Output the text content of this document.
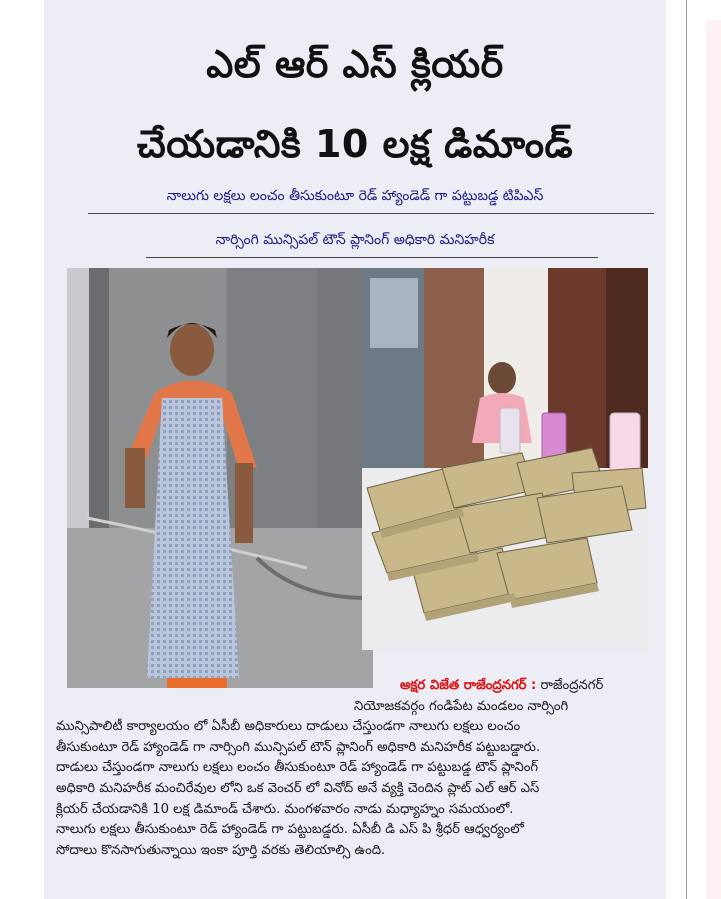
ఎల్ ఆర్ ఎస్ క్లియర్
చేయడానికి 10 లక్ష డిమాండ్
నాలుగు లక్షలు లంచం తీసుకుంటూ రెడ్ హ్యాండెడ్ గా పట్టుబడ్డ టిపిఎస్
నార్సింగి మున్సిపల్ టౌన్ ప్లానింగ్ అధికారి మనిహరీక
అక్షర విజేత రాజేంద్రనగర్ : రాజేంద్రనగర్
నియోజకవర్గం గండిపేట మండలం నార్సింగి
మున్సిపాలిటీ కార్యాలయం లో ఏసీబీ అధికారులు దాడులు చేస్తుండగా నాలుగు లక్షలు లంచం
తీసుకుంటూ రెడ్ హ్యాండెడ్ గా నార్సింగి మున్సిపల్ టౌన్ ప్లానింగ్ అధికారి మనిహరీక పట్టుబడ్డారు.
దాడులు చేస్తుండగా నాలుగు లక్షలు లంచం తీసుకుంటూ రెడ్ హ్యాండెడ్ గా పట్టుబడ్డ టౌన్ ప్లానింగ్
అధికారి మనిహరీక మంచిరేవుల లోని ఒక వెంచర్ లో వినోద్ అనే వ్యక్తి చెందిన ప్లాట్ ఎల్ ఆర్ ఎస్
క్లియర్ చేయడానికి 10 లక్ష డిమాండ్ చేశారు. మంగళవారం నాడు మధ్యాహ్నం సమయంలో.
నాలుగు లక్షలు తీసుకుంటూ రెడ్ హ్యాండెడ్ గా పట్టుబడ్డరు. ఏసీబీ డి ఎస్ పి శ్రీధర్ ఆధ్వర్యంలో
సోదాలు కొనసాగుతున్నాయి ఇంకా పూర్తి వరకు తెలియాల్సి ఉంది.
